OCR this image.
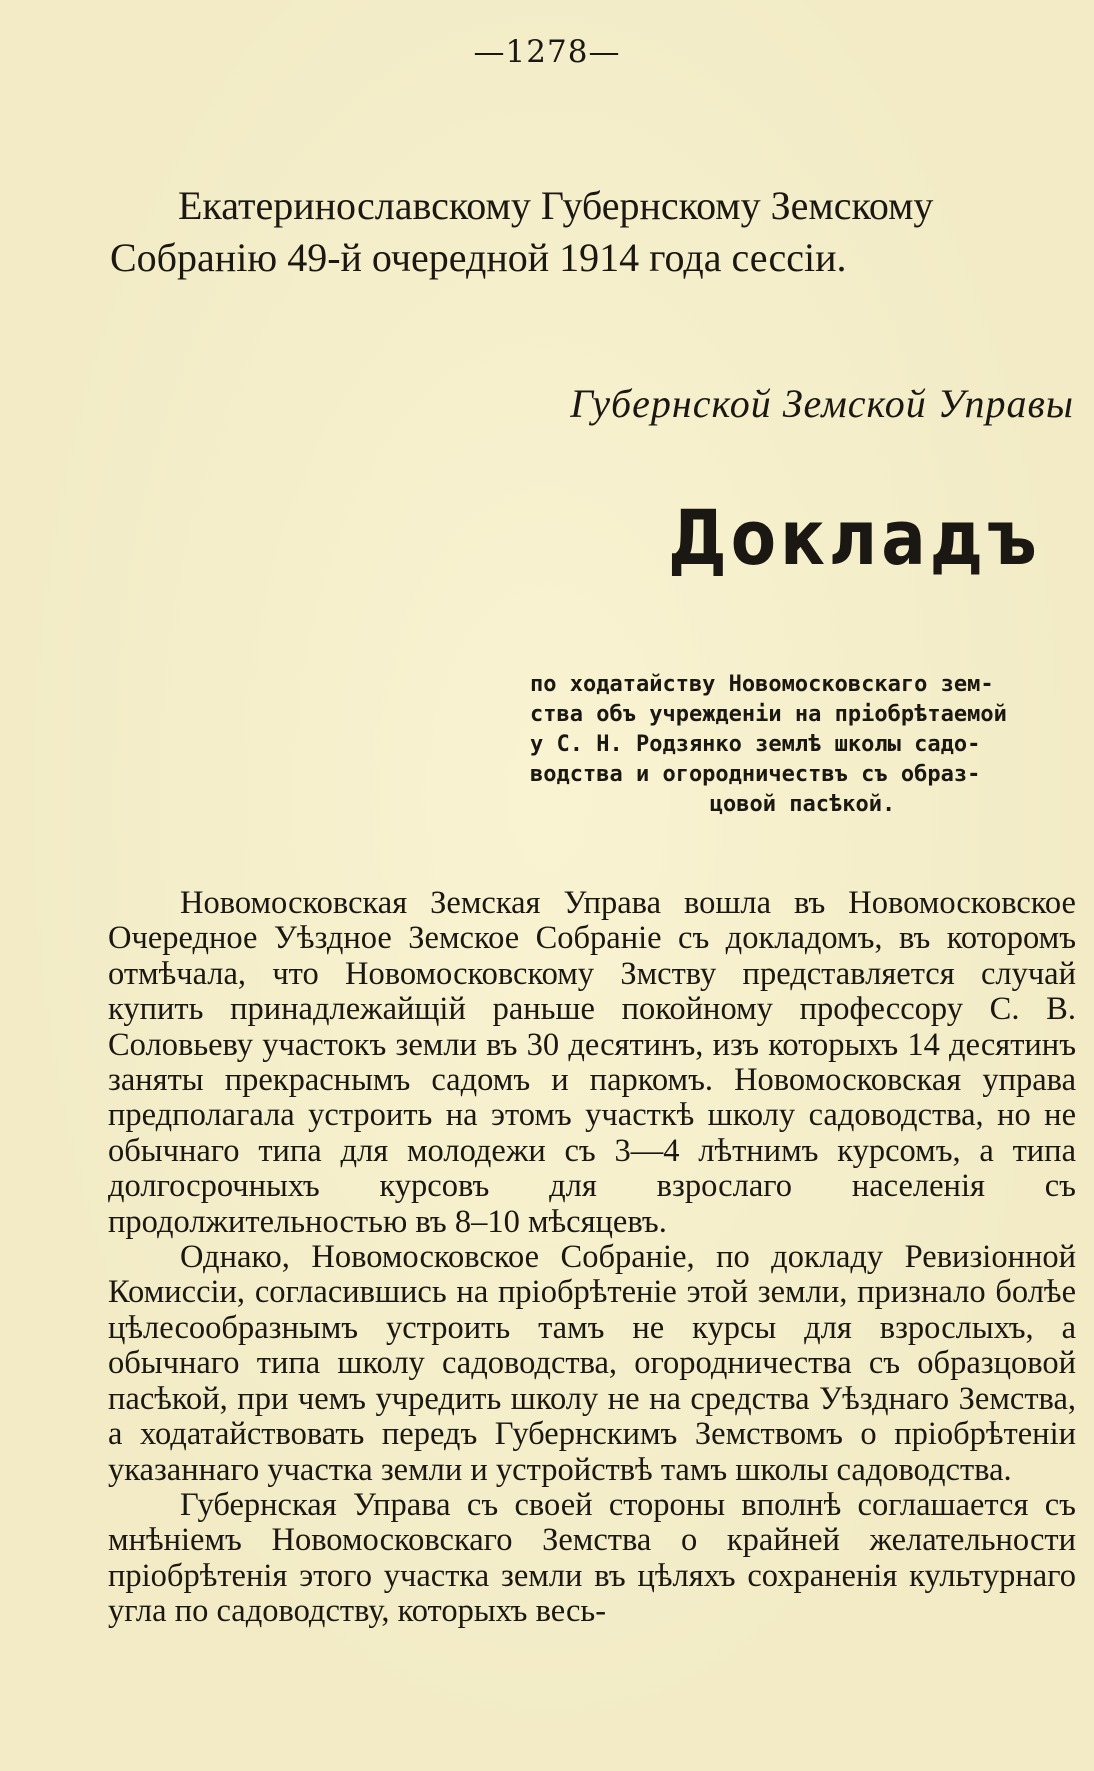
—1278—
Екатеринославскому Губернскому Земскому
Собранію 49-й очередной 1914 года сессіи.
Губернской Земской Управы
Докладъ
по ходатайству Новомосковскаго зем-
ства объ учрежденіи на пріобрѣтаемой
у С. Н. Родзянко землѣ школы садо-
водства и огородничествъ съ образ-
цовой пасѣкой.

Новомосковская Земская Управа вошла въ Новомосковское Очередное Уѣздное Земское Собраніе съ докладомъ, въ которомъ отмѣчала, что Новомосковскому Змству представляется случай купить принадлежайщій раньше покойному профессору С. В. Соловьеву участокъ земли въ 30 десятинъ, изъ которыхъ 14 десятинъ заняты прекраснымъ садомъ и паркомъ. Новомосковская управа предполагала устроить на этомъ участкѣ школу садоводства, но не обычнаго типа для молодежи съ 3—4 лѣтнимъ курсомъ, а типа долгосрочныхъ курсовъ для взрослаго населенія съ продолжительностью въ 8–10 мѣсяцевъ.

Однако, Новомосковское Собраніе, по докладу Ревизіонной Комиссіи, согласившись на пріобрѣтеніе этой земли, признало болѣе цѣлесообразнымъ устроить тамъ не курсы для взрослыхъ, а обычнаго типа школу садоводства, огородничества съ образцовой пасѣкой, при чемъ учредить школу не на средства Уѣзднаго Земства, а ходатайствовать передъ Губернскимъ Земствомъ о пріобрѣтеніи указаннаго участка земли и устройствѣ тамъ школы садоводства.

Губернская Управа съ своей стороны вполнѣ соглашается съ мнѣніемъ Новомосковскаго Земства о крайней желательности пріобрѣтенія этого участка земли въ цѣляхъ сохраненія культурнаго угла по садоводству, которыхъ весь-
